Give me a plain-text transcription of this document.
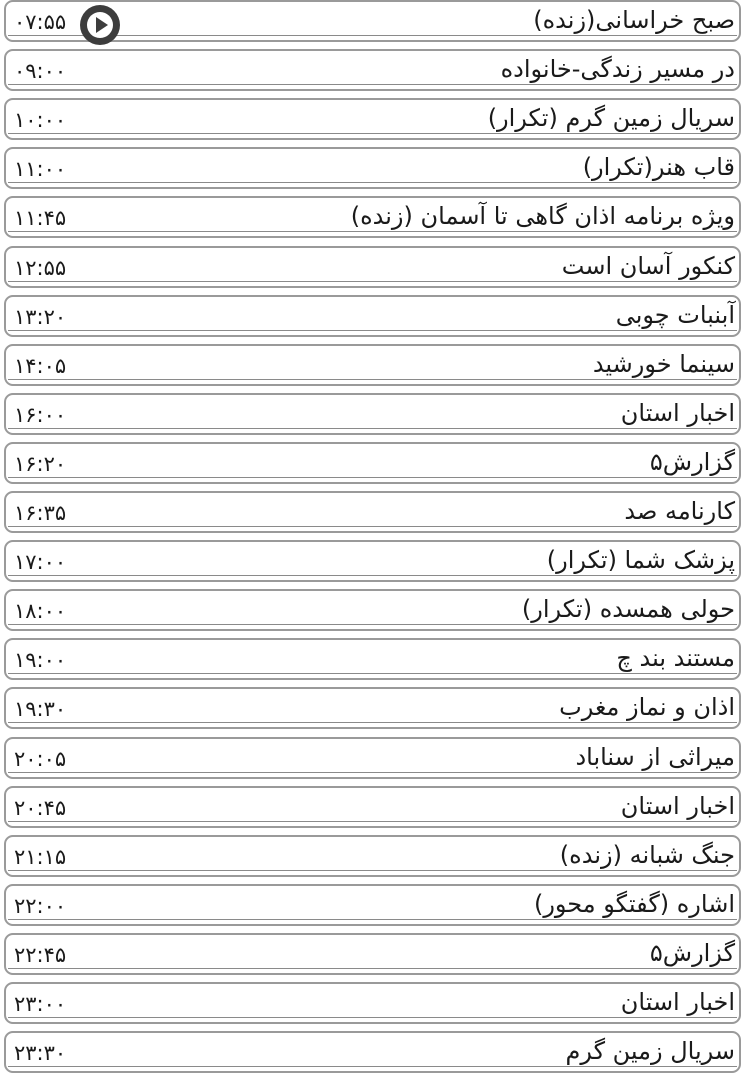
۰۷:۵۵	صبح خراسانی(زنده)
۰۹:۰۰	در مسیر زندگی-خانواده
۱۰:۰۰	سریال زمین گرم (تکرار)
۱۱:۰۰	قاب هنر(تکرار)
۱۱:۴۵	ویژه برنامه اذان گاهی تا آسمان (زنده)
۱۲:۵۵	کنکور آسان است
۱۳:۲۰	آبنبات چوبی
۱۴:۰۵	سینما خورشید
۱۶:۰۰	اخبار استان
۱۶:۲۰	گزارش۵
۱۶:۳۵	کارنامه صد
۱۷:۰۰	پزشک شما (تکرار)
۱۸:۰۰	حولی همسده (تکرار)
۱۹:۰۰	مستند بند چ
۱۹:۳۰	اذان و نماز مغرب
۲۰:۰۵	میراثی از سناباد
۲۰:۴۵	اخبار استان
۲۱:۱۵	جنگ شبانه (زنده)
۲۲:۰۰	اشاره (گفتگو محور)
۲۲:۴۵	گزارش۵
۲۳:۰۰	اخبار استان
۲۳:۳۰	سریال زمین گرم
